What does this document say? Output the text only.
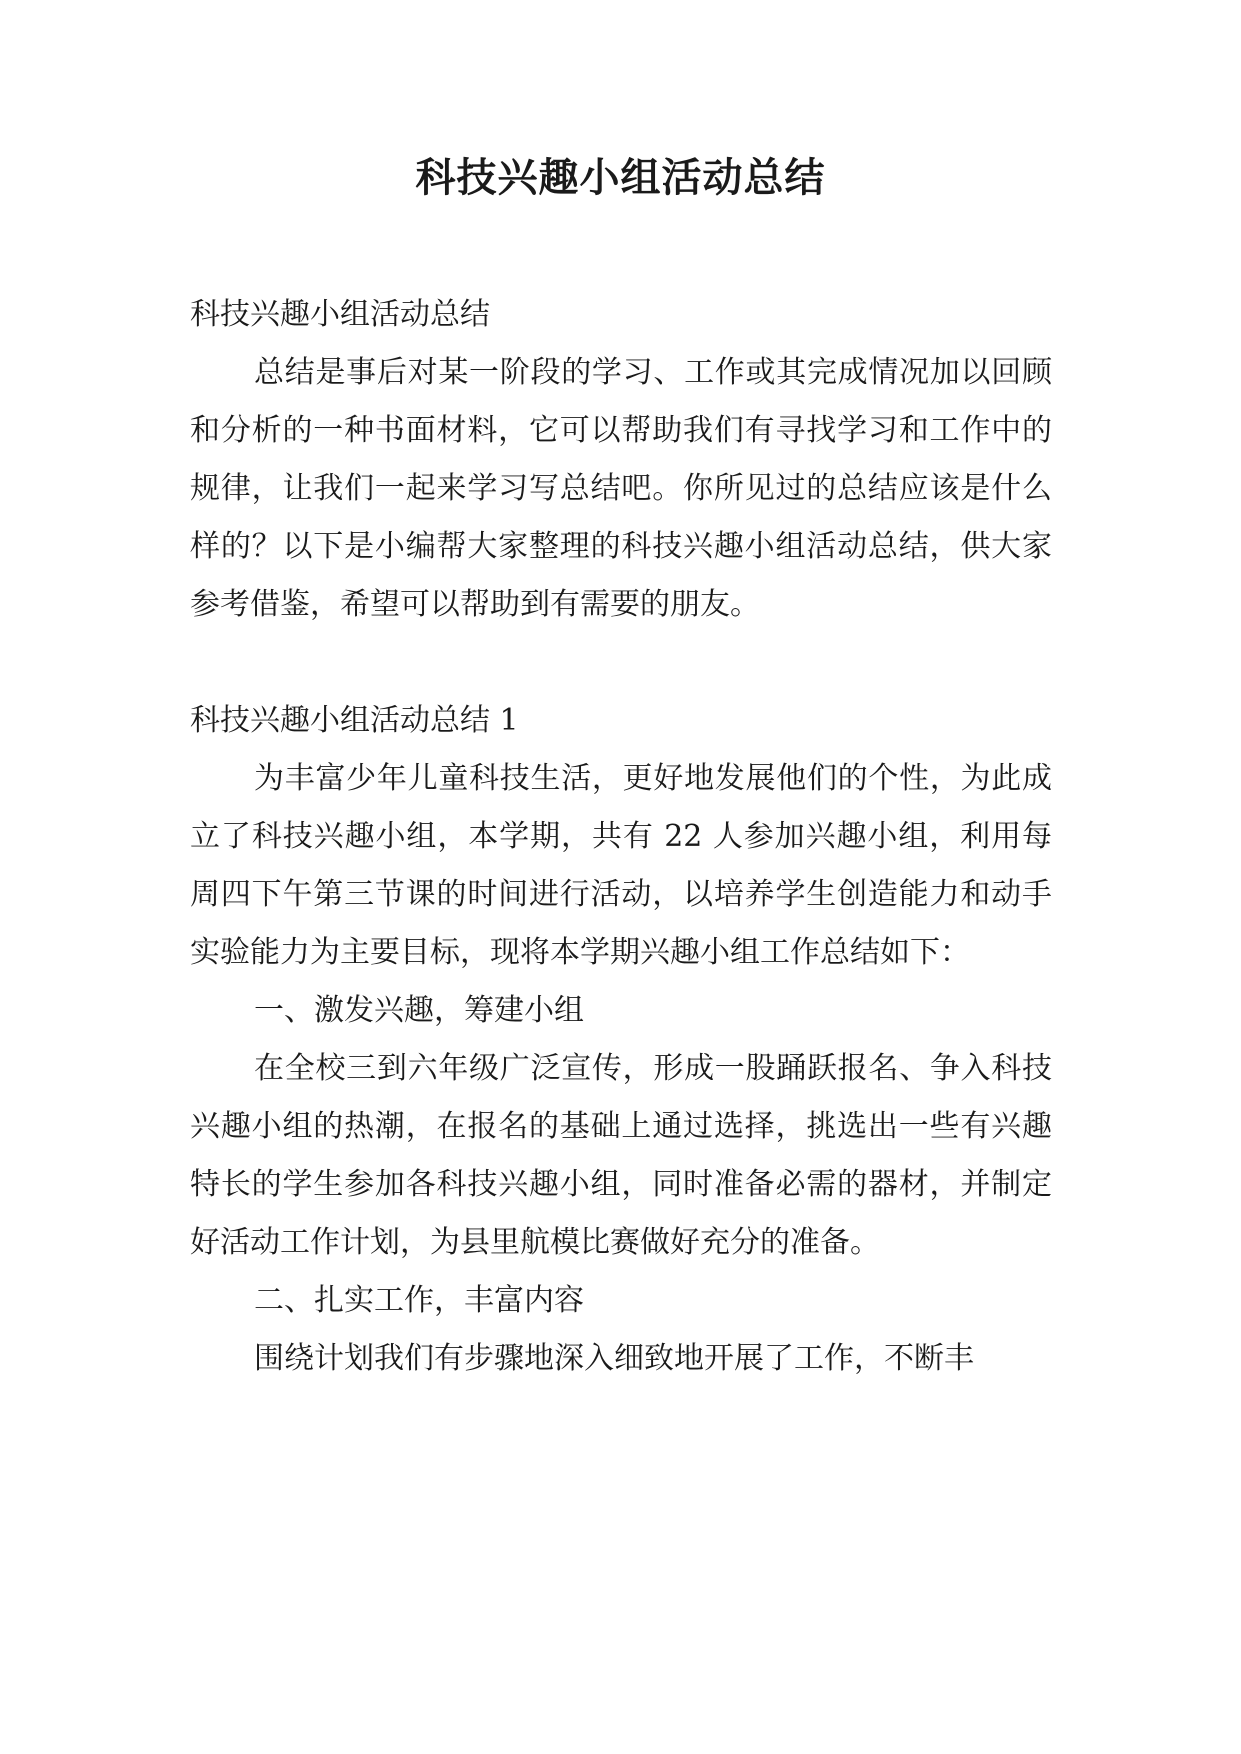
科技兴趣小组活动总结

科技兴趣小组活动总结

总结是事后对某一阶段的学习、工作或其完成情况加以回顾和分析的一种书面材料，它可以帮助我们有寻找学习和工作中的规律，让我们一起来学习写总结吧。你所见过的总结应该是什么样的？以下是小编帮大家整理的科技兴趣小组活动总结，供大家参考借鉴，希望可以帮助到有需要的朋友。

科技兴趣小组活动总结 1

为丰富少年儿童科技生活，更好地发展他们的个性，为此成立了科技兴趣小组，本学期，共有 22 人参加兴趣小组，利用每周四下午第三节课的时间进行活动，以培养学生创造能力和动手实验能力为主要目标，现将本学期兴趣小组工作总结如下：

一、激发兴趣，筹建小组

在全校三到六年级广泛宣传，形成一股踊跃报名、争入科技兴趣小组的热潮，在报名的基础上通过选择，挑选出一些有兴趣特长的学生参加各科技兴趣小组，同时准备必需的器材，并制定好活动工作计划，为县里航模比赛做好充分的准备。

二、扎实工作，丰富内容

围绕计划我们有步骤地深入细致地开展了工作，不断丰
